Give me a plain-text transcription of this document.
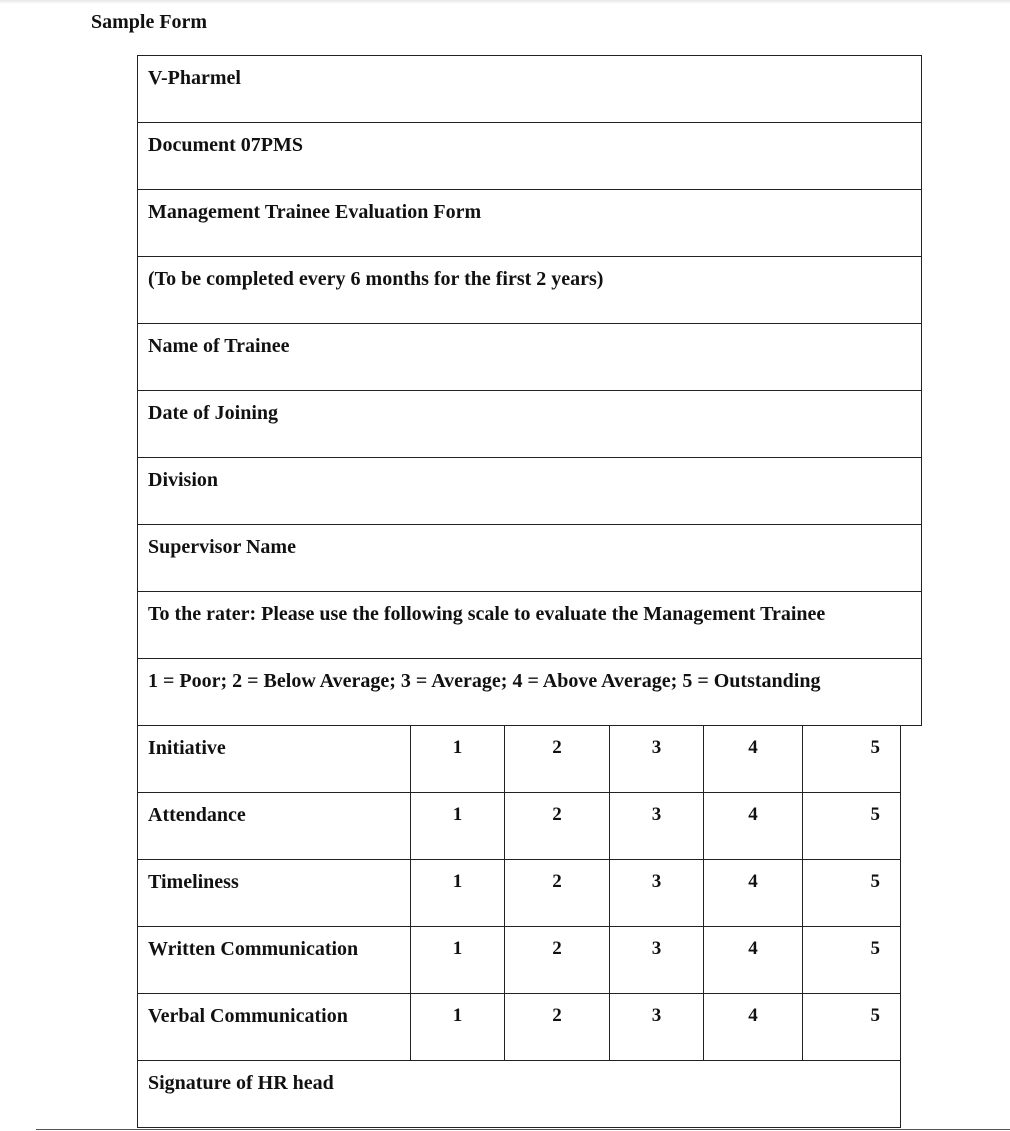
Sample Form
V-Pharmel
Document 07PMS
Management Trainee Evaluation Form
(To be completed every 6 months for the first 2 years)
Name of Trainee
Date of Joining
Division
Supervisor Name
To the rater: Please use the following scale to evaluate the Management Trainee
1 = Poor; 2 = Below Average; 3 = Average; 4 = Above Average; 5 = Outstanding
Initiative	1	2	3	4	5
Attendance	1	2	3	4	5
Timeliness	1	2	3	4	5
Written Communication	1	2	3	4	5
Verbal Communication	1	2	3	4	5
Signature of HR head
